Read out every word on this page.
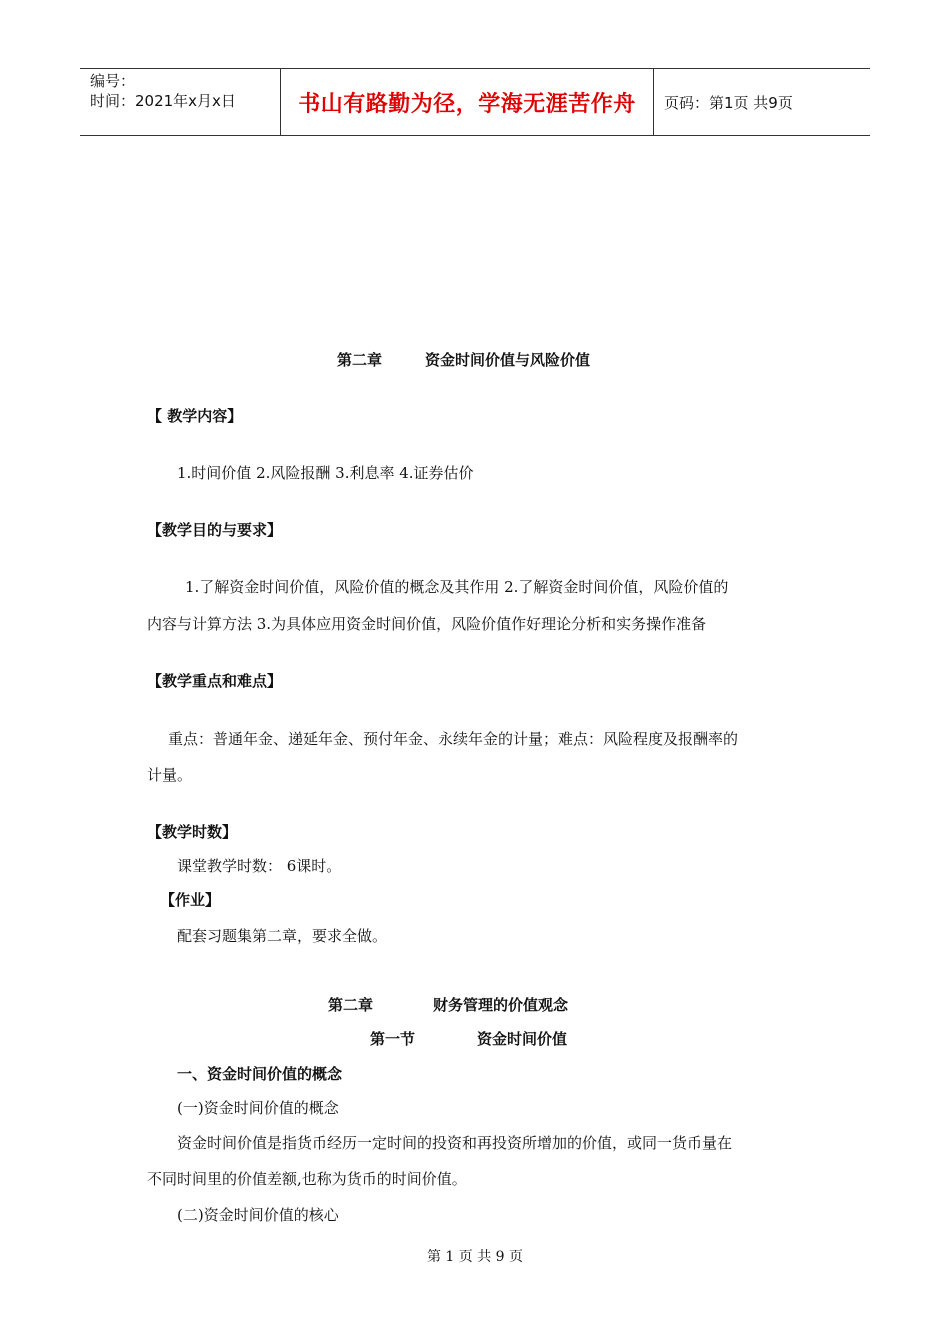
编号：
时间：2021年x月x日	书山有路勤为径，学海无涯苦作舟	页码：第1页 共9页
第二章	资金时间价值与风险价值
【 教学内容】
1.时间价值 2.风险报酬 3.利息率 4.证券估价
【教学目的与要求】
1.了解资金时间价值，风险价值的概念及其作用 2.了解资金时间价值，风险价值的
内容与计算方法 3.为具体应用资金时间价值，风险价值作好理论分析和实务操作准备
【教学重点和难点】
重点：普通年金、递延年金、预付年金、永续年金的计量；难点：风险程度及报酬率的
计量。
【教学时数】
课堂教学时数： 6课时。
【作业】
配套习题集第二章，要求全做。
第二章	财务管理的价值观念
第一节	资金时间价值
一、资金时间价值的概念
(一)资金时间价值的概念
资金时间价值是指货币经历一定时间的投资和再投资所增加的价值，或同一货币量在
不同时间里的价值差额,也称为货币的时间价值。
(二)资金时间价值的核心
第 1 页 共 9 页
